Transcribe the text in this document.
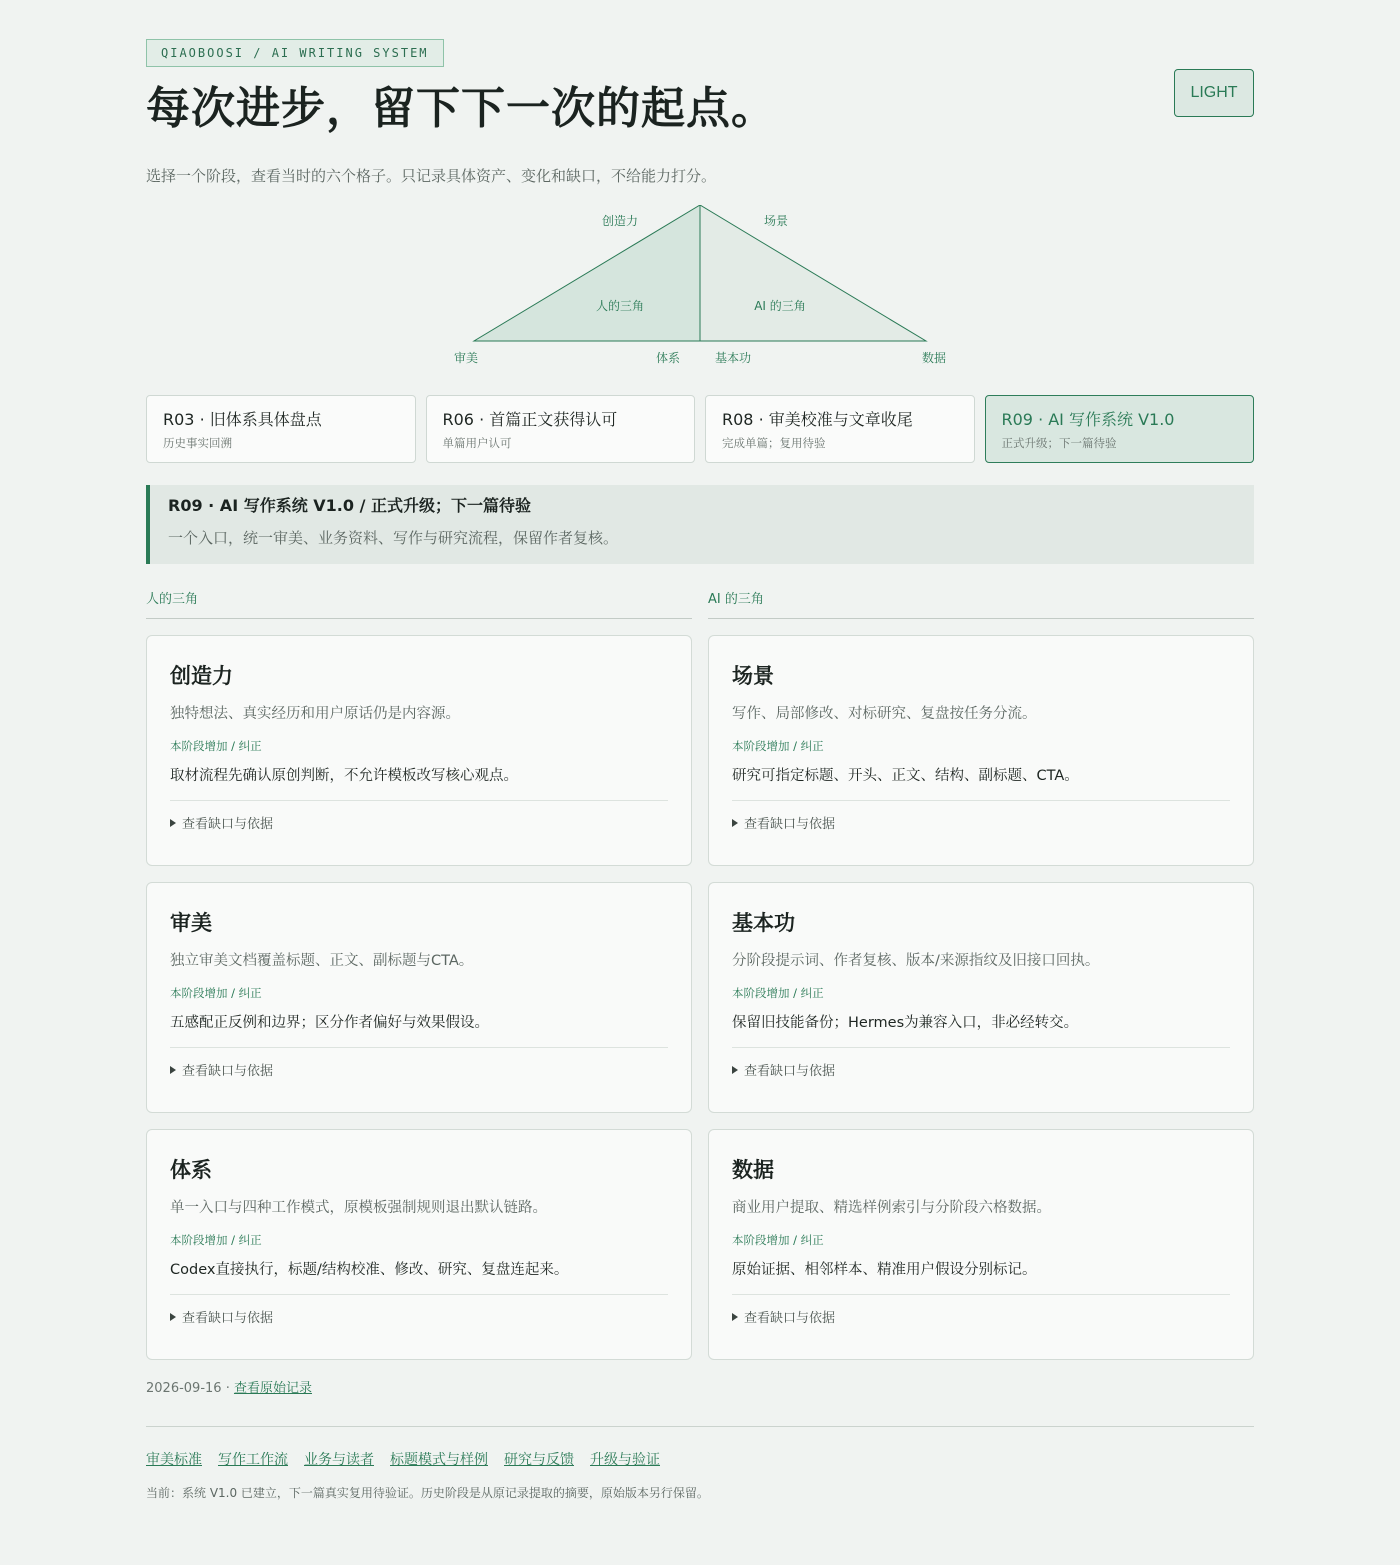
QIAOBOOSI / AI WRITING SYSTEM
LIGHT
每次进步，留下下一次的起点。

选择一个阶段，查看当时的六个格子。只记录具体资产、变化和缺口，不给能力打分。

人的三角	AI 的三角
创造力	场景
审美	体系	基本功	数据
R03 · 旧体系具体盘点
历史事实回溯
R06 · 首篇正文获得认可
单篇用户认可
R08 · 审美校准与文章收尾
完成单篇；复用待验
R09 · AI 写作系统 V1.0
正式升级；下一篇待验
R09 · AI 写作系统 V1.0 / 正式升级；下一篇待验
一个入口，统一审美、业务资料、写作与研究流程，保留作者复核。
人的三角
创造力
独特想法、真实经历和用户原话仍是内容源。
本阶段增加 / 纠正
取材流程先确认原创判断，不允许模板改写核心观点。
查看缺口与依据
审美
独立审美文档覆盖标题、正文、副标题与CTA。
本阶段增加 / 纠正
五感配正反例和边界；区分作者偏好与效果假设。
查看缺口与依据
体系
单一入口与四种工作模式，原模板强制规则退出默认链路。
本阶段增加 / 纠正
Codex直接执行，标题/结构校准、修改、研究、复盘连起来。
查看缺口与依据
AI 的三角
场景
写作、局部修改、对标研究、复盘按任务分流。
本阶段增加 / 纠正
研究可指定标题、开头、正文、结构、副标题、CTA。
查看缺口与依据
基本功
分阶段提示词、作者复核、版本/来源指纹及旧接口回执。
本阶段增加 / 纠正
保留旧技能备份；Hermes为兼容入口，非必经转交。
查看缺口与依据
数据
商业用户提取、精选样例索引与分阶段六格数据。
本阶段增加 / 纠正
原始证据、相邻样本、精准用户假设分别标记。
查看缺口与依据
2026-09-16 · 查看原始记录
审美标准 写作工作流 业务与读者 标题模式与样例 研究与反馈 升级与验证
当前：系统 V1.0 已建立，下一篇真实复用待验证。历史阶段是从原记录提取的摘要，原始版本另行保留。
